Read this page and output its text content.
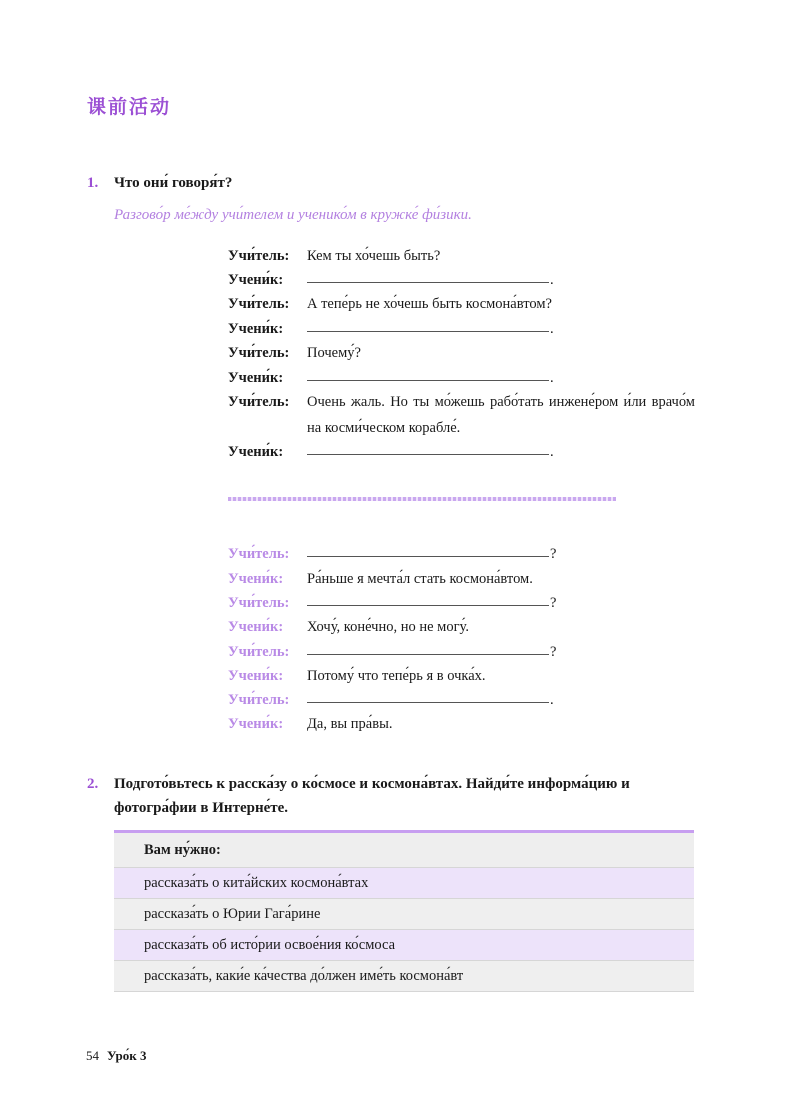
课前活动
1. Что они́ говоря́т?
Разгово́р ме́жду учи́телем и ученико́м в кружке́ фи́зики.
Учи́тель: Кем ты хо́чешь быть?
Учени́к:	.
Учи́тель: А тепе́рь не хо́чешь быть космона́втом?
Учени́к:	.
Учи́тель: Почему́?
Учени́к:	.
Учи́тель: Очень жаль. Но ты мо́жешь рабо́тать инжене́ром и́ли врачо́м на косми́ческом корабле́.
Учени́к:	.
Учи́тель:	?
Учени́к: Ра́ньше я мечта́л стать космона́втом.
Учи́тель:	?
Учени́к: Хочу́, коне́чно, но не могу́.
Учи́тель:	?
Учени́к: Потому́ что тепе́рь я в очка́х.
Учи́тель:	.
Учени́к: Да, вы пра́вы.
2. Подгото́вьтесь к расска́зу о ко́смосе и космона́втах. Найди́те информа́цию и
фотогра́фии в Интерне́те.
Вам ну́жно:
рассказа́ть о кита́йских космона́втах
рассказа́ть о Юрии Гага́рине
рассказа́ть об исто́рии освое́ния ко́смоса
рассказа́ть, каки́е ка́чества до́лжен име́ть космона́вт
54 Уро́к 3
